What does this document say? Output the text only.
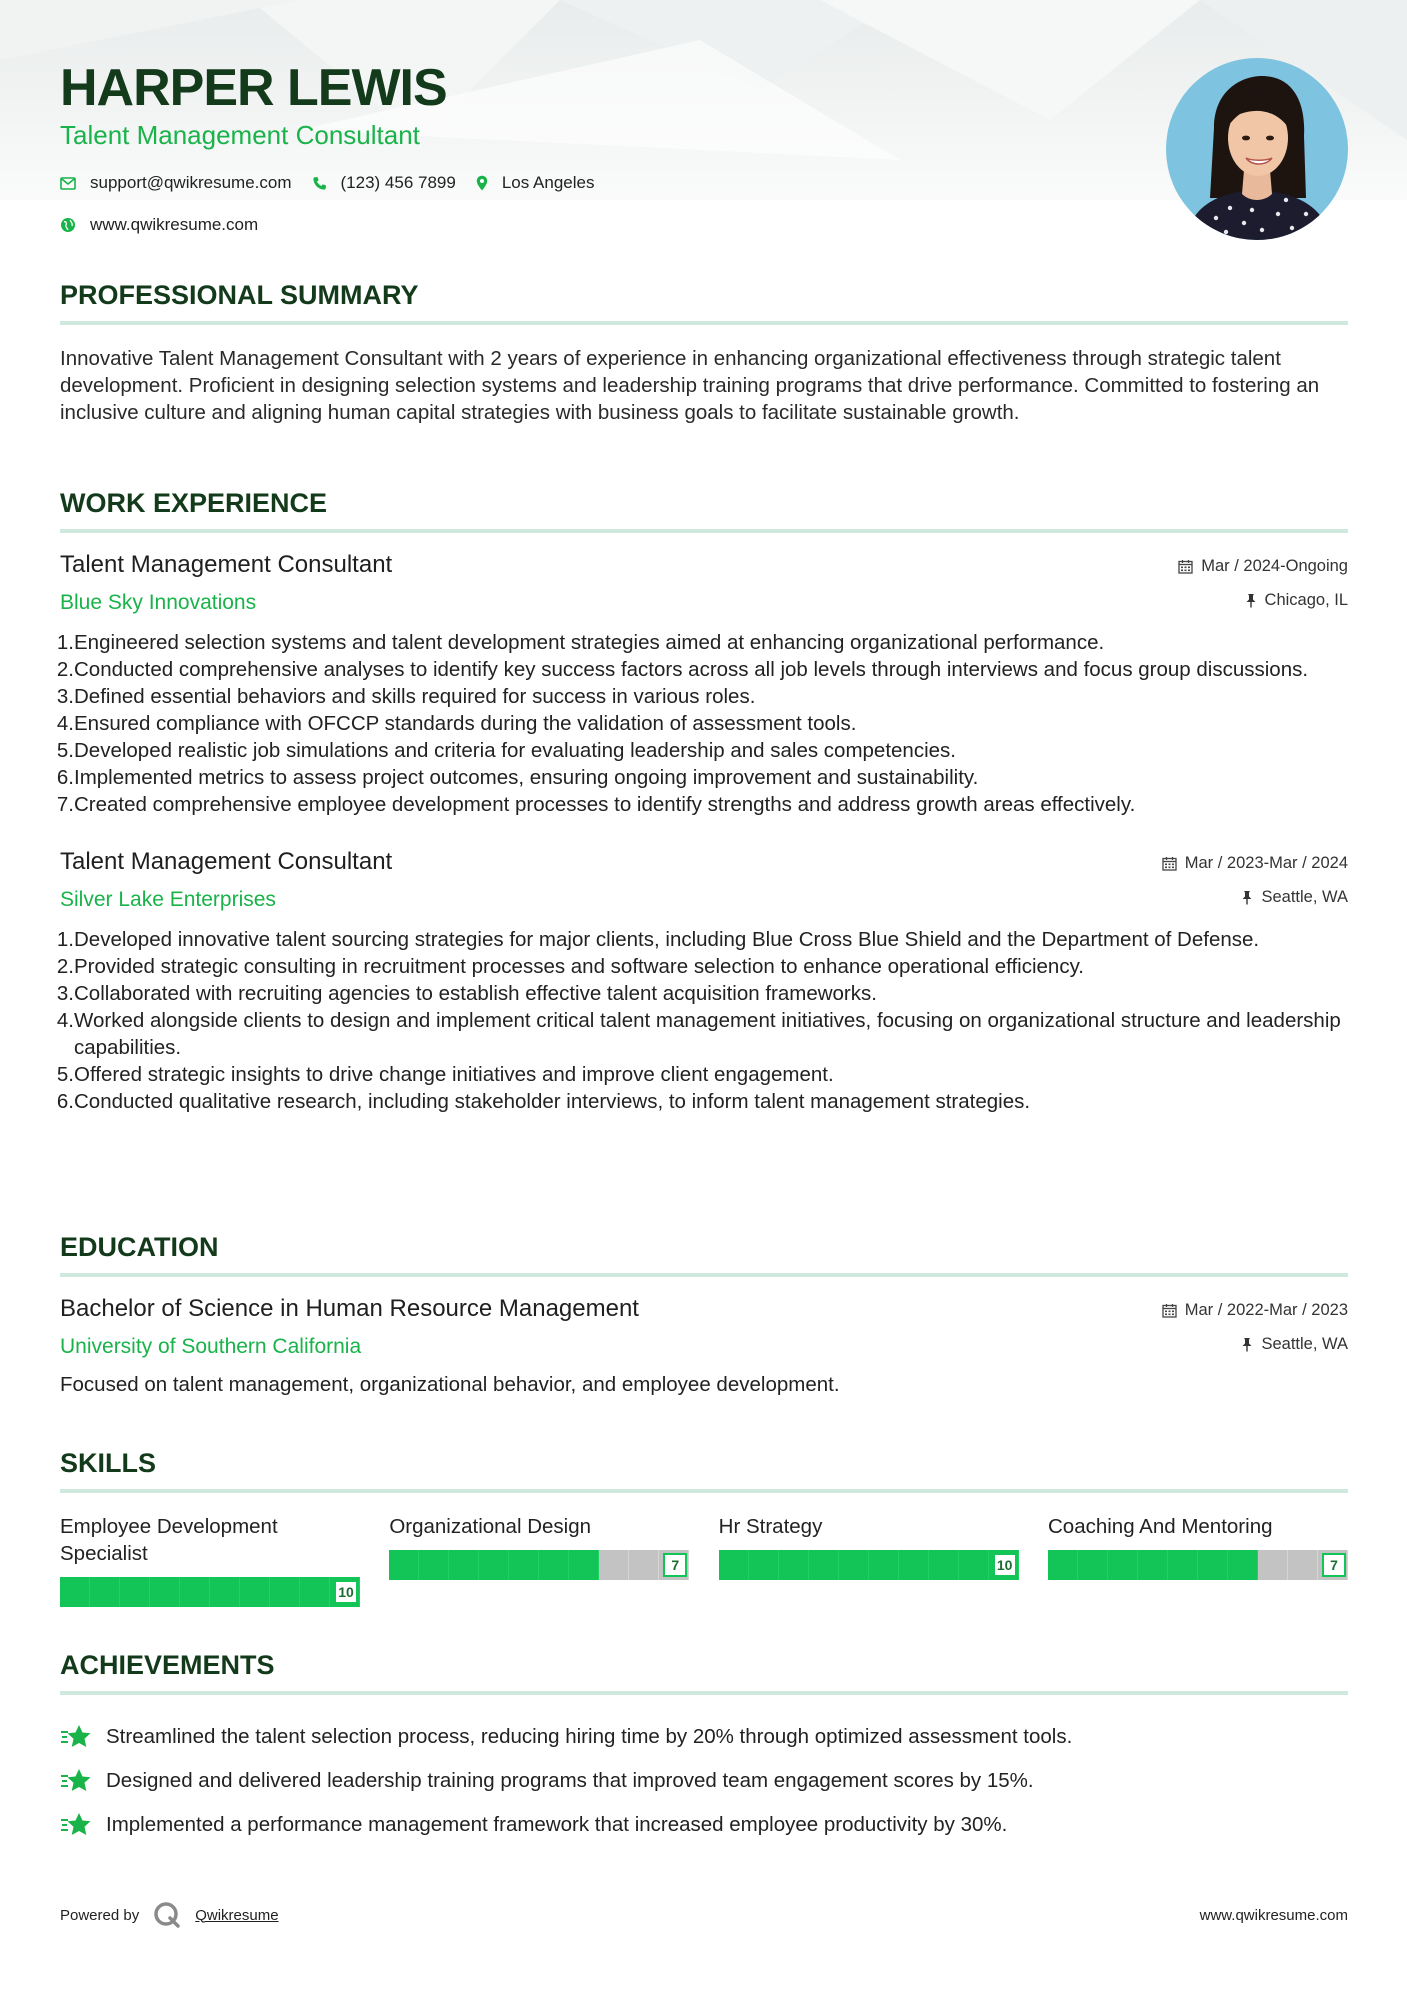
HARPER LEWIS
Talent Management Consultant
support@qwikresume.com	(123) 456 7899	Los Angeles
www.qwikresume.com
PROFESSIONAL SUMMARY
Innovative Talent Management Consultant with 2 years of experience in enhancing organizational effectiveness through strategic talent development. Proficient in designing selection systems and leadership training programs that drive performance. Committed to fostering an inclusive culture and aligning human capital strategies with business goals to facilitate sustainable growth.
WORK EXPERIENCE
Talent Management Consultant
Blue Sky Innovations
Mar / 2024-Ongoing
Chicago, IL
1. Engineered selection systems and talent development strategies aimed at enhancing organizational performance.
2. Conducted comprehensive analyses to identify key success factors across all job levels through interviews and focus group discussions.
3. Defined essential behaviors and skills required for success in various roles.
4. Ensured compliance with OFCCP standards during the validation of assessment tools.
5. Developed realistic job simulations and criteria for evaluating leadership and sales competencies.
6. Implemented metrics to assess project outcomes, ensuring ongoing improvement and sustainability.
7. Created comprehensive employee development processes to identify strengths and address growth areas effectively.
Talent Management Consultant
Silver Lake Enterprises
Mar / 2023-Mar / 2024
Seattle, WA
1. Developed innovative talent sourcing strategies for major clients, including Blue Cross Blue Shield and the Department of Defense.
2. Provided strategic consulting in recruitment processes and software selection to enhance operational efficiency.
3. Collaborated with recruiting agencies to establish effective talent acquisition frameworks.
4. Worked alongside clients to design and implement critical talent management initiatives, focusing on organizational structure and leadership capabilities.
5. Offered strategic insights to drive change initiatives and improve client engagement.
6. Conducted qualitative research, including stakeholder interviews, to inform talent management strategies.
EDUCATION
Bachelor of Science in Human Resource Management
University of Southern California
Mar / 2022-Mar / 2023
Seattle, WA
Focused on talent management, organizational behavior, and employee development.
SKILLS
Employee Development Specialist
10
Organizational Design
7
Hr Strategy
10
Coaching And Mentoring
7
ACHIEVEMENTS
Streamlined the talent selection process, reducing hiring time by 20% through optimized assessment tools.
Designed and delivered leadership training programs that improved team engagement scores by 15%.
Implemented a performance management framework that increased employee productivity by 30%.
Powered by	Qwikresume	www.qwikresume.com
